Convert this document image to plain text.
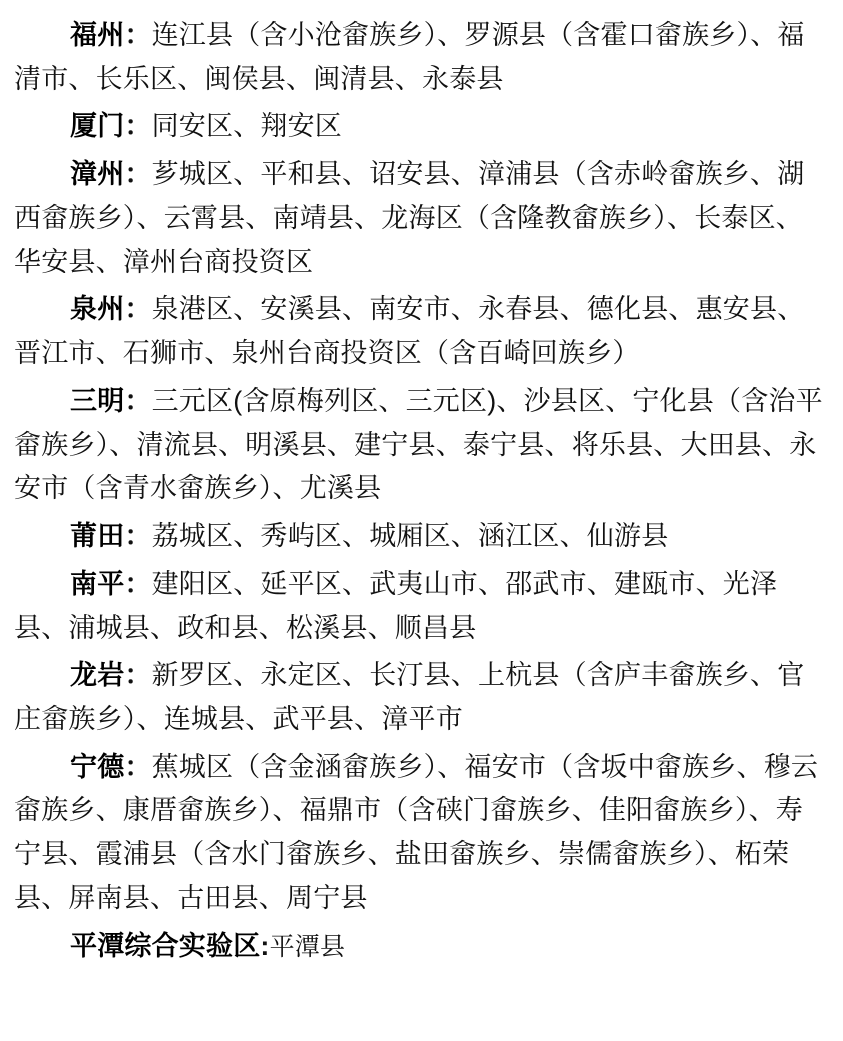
福州：连江县（含小沧畲族乡）、罗源县（含霍口畲族乡）、福清市、长乐区、闽侯县、闽清县、永泰县

厦门：同安区、翔安区

漳州：芗城区、平和县、诏安县、漳浦县（含赤岭畲族乡、湖西畲族乡）、云霄县、南靖县、龙海区（含隆教畲族乡）、长泰区、华安县、漳州台商投资区

泉州：泉港区、安溪县、南安市、永春县、德化县、惠安县、晋江市、石狮市、泉州台商投资区（含百崎回族乡）

三明：三元区(含原梅列区、三元区)、沙县区、宁化县（含治平畲族乡）、清流县、明溪县、建宁县、泰宁县、将乐县、大田县、永安市（含青水畲族乡）、尤溪县

莆田：荔城区、秀屿区、城厢区、涵江区、仙游县

南平：建阳区、延平区、武夷山市、邵武市、建瓯市、光泽县、浦城县、政和县、松溪县、顺昌县

龙岩：新罗区、永定区、长汀县、上杭县（含庐丰畲族乡、官庄畲族乡）、连城县、武平县、漳平市

宁德：蕉城区（含金涵畲族乡）、福安市（含坂中畲族乡、穆云畲族乡、康厝畲族乡）、福鼎市（含硖门畲族乡、佳阳畲族乡）、寿宁县、霞浦县（含水门畲族乡、盐田畲族乡、崇儒畲族乡）、柘荣县、屏南县、古田县、周宁县

平潭综合实验区:平潭县
